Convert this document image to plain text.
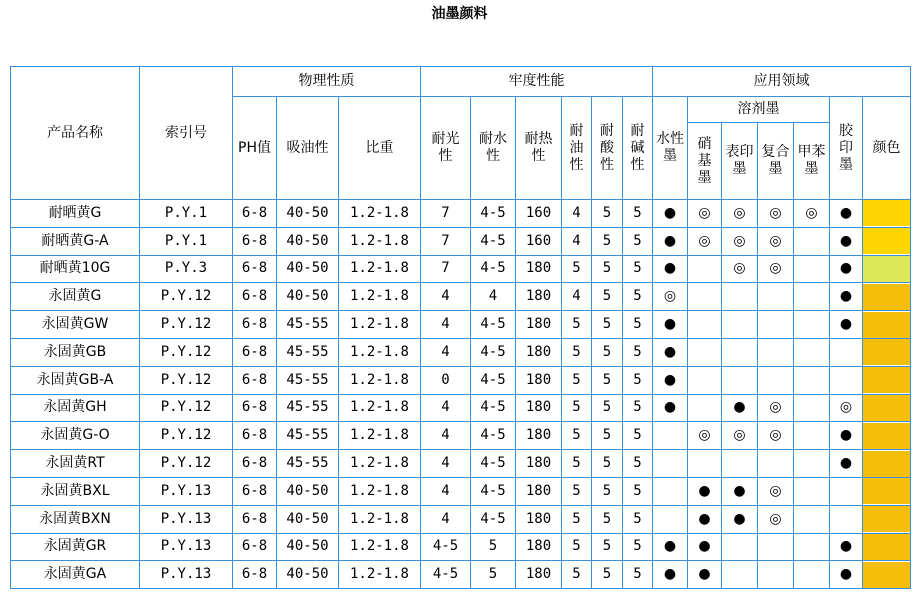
油墨颜料
产品名称	索引号	物理性质			牢度性能						应用领域						
		PH值	吸油性	比重	耐光性	耐水性	耐热性	耐油性	耐酸性	耐碱性	水性墨	溶剂墨				胶印墨	颜色
												硝基墨	表印墨	复合墨	甲苯墨		
耐晒黄G	P.Y.1	6-8	40-50	1.2-1.8	7	4-5	160	4	5	5	●	◎	◎	◎	◎	●	

耐晒黄G-A	P.Y.1	6-8	40-50	1.2-1.8	7	4-5	160	4	5	5	●	◎	◎	◎		●	

耐晒黄10G	P.Y.3	6-8	40-50	1.2-1.8	7	4-5	180	5	5	5	●		◎	◎		●	

永固黄G	P.Y.12	6-8	40-50	1.2-1.8	4	4	180	4	5	5	◎					●	

永固黄GW	P.Y.12	6-8	45-55	1.2-1.8	4	4-5	180	5	5	5	●					●	

永固黄GB	P.Y.12	6-8	45-55	1.2-1.8	4	4-5	180	5	5	5	●						

永固黄GB-A	P.Y.12	6-8	45-55	1.2-1.8	0	4-5	180	5	5	5	●						

永固黄GH	P.Y.12	6-8	45-55	1.2-1.8	4	4-5	180	5	5	5	●		●	◎		◎	

永固黄G-O	P.Y.12	6-8	45-55	1.2-1.8	4	4-5	180	5	5	5		◎	◎	◎		●	

永固黄RT	P.Y.12	6-8	45-55	1.2-1.8	4	4-5	180	5	5	5						●	

永固黄BXL	P.Y.13	6-8	40-50	1.2-1.8	4	4-5	180	5	5	5		●	●	◎			

永固黄BXN	P.Y.13	6-8	40-50	1.2-1.8	4	4-5	180	5	5	5		●	●	◎			

永固黄GR	P.Y.13	6-8	40-50	1.2-1.8	4-5	5	180	5	5	5	●	●				●	

永固黄GA	P.Y.13	6-8	40-50	1.2-1.8	4-5	5	180	5	5	5	●	●				●	
